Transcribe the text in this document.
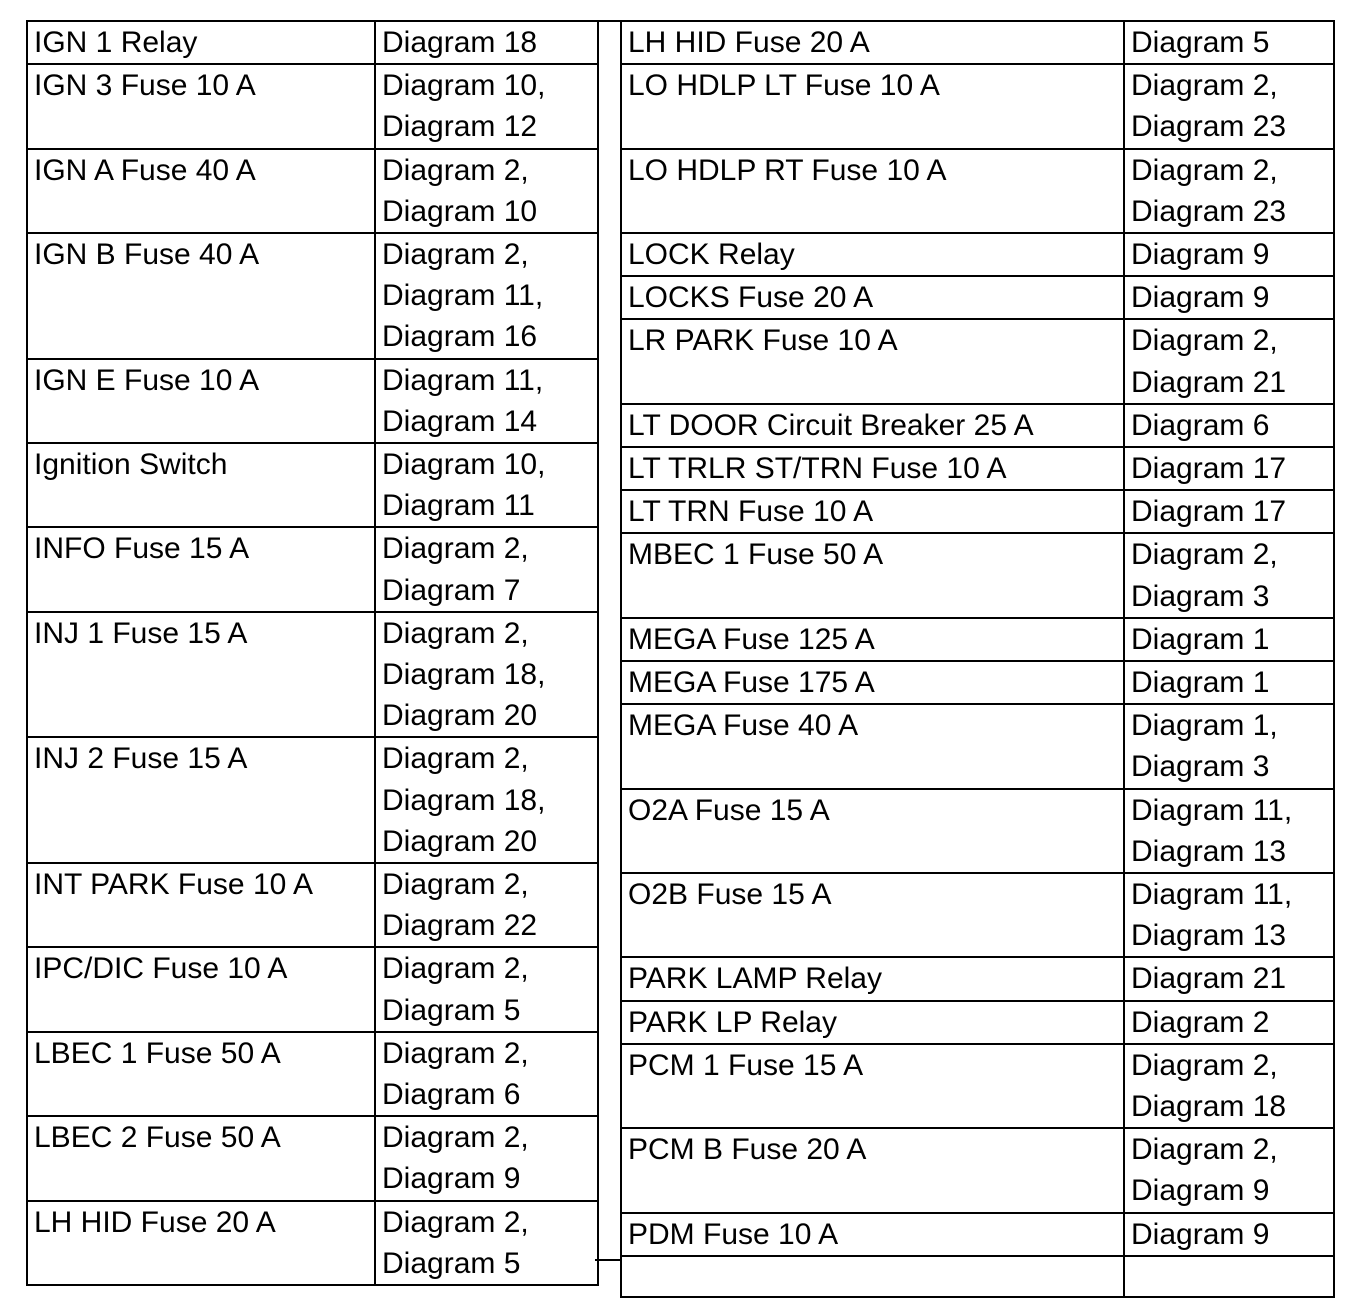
IGN 1 Relay	Diagram 18
IGN 3 Fuse 10 A	Diagram 10,
Diagram 12
IGN A Fuse 40 A	Diagram 2,
Diagram 10
IGN B Fuse 40 A	Diagram 2,
Diagram 11,
Diagram 16
IGN E Fuse 10 A	Diagram 11,
Diagram 14
Ignition Switch	Diagram 10,
Diagram 11
INFO Fuse 15 A	Diagram 2,
Diagram 7
INJ 1 Fuse 15 A	Diagram 2,
Diagram 18,
Diagram 20
INJ 2 Fuse 15 A	Diagram 2,
Diagram 18,
Diagram 20
INT PARK Fuse 10 A	Diagram 2,
Diagram 22
IPC/DIC Fuse 10 A	Diagram 2,
Diagram 5
LBEC 1 Fuse 50 A	Diagram 2,
Diagram 6
LBEC 2 Fuse 50 A	Diagram 2,
Diagram 9
LH HID Fuse 20 A	Diagram 2,
Diagram 5
LH HID Fuse 20 A	Diagram 5
LO HDLP LT Fuse 10 A	Diagram 2,
Diagram 23
LO HDLP RT Fuse 10 A	Diagram 2,
Diagram 23
LOCK Relay	Diagram 9
LOCKS Fuse 20 A	Diagram 9
LR PARK Fuse 10 A	Diagram 2,
Diagram 21
LT DOOR Circuit Breaker 25 A	Diagram 6
LT TRLR ST/TRN Fuse 10 A	Diagram 17
LT TRN Fuse 10 A	Diagram 17
MBEC 1 Fuse 50 A	Diagram 2,
Diagram 3
MEGA Fuse 125 A	Diagram 1
MEGA Fuse 175 A	Diagram 1
MEGA Fuse 40 A	Diagram 1,
Diagram 3
O2A Fuse 15 A	Diagram 11,
Diagram 13
O2B Fuse 15 A	Diagram 11,
Diagram 13
PARK LAMP Relay	Diagram 21
PARK LP Relay	Diagram 2
PCM 1 Fuse 15 A	Diagram 2,
Diagram 18
PCM B Fuse 20 A	Diagram 2,
Diagram 9
PDM Fuse 10 A	Diagram 9
